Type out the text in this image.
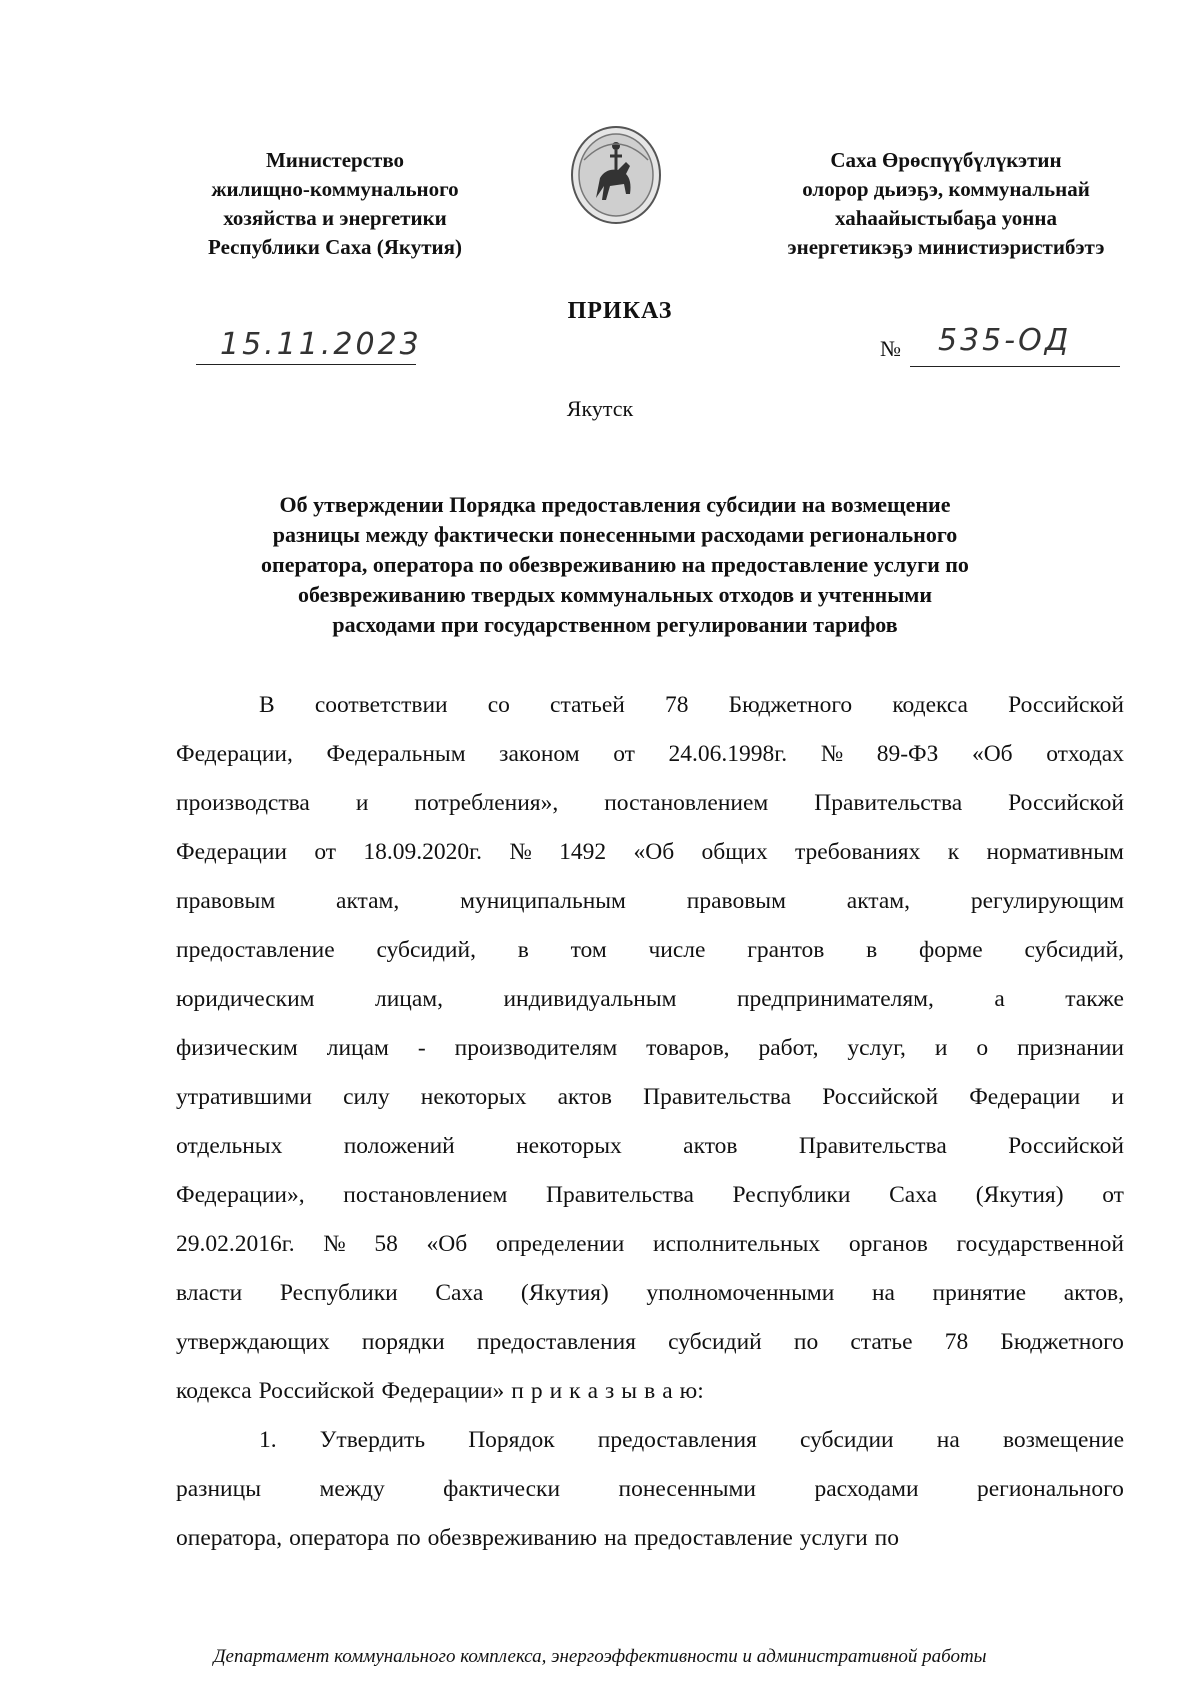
Министерство
жилищно-коммунального
хозяйства и энергетики
Республики Саха (Якутия)
Саха Өрөспүүбүлүкэтин
олорор дьиэҕэ, коммунальнай
хаһаайыстыбаҕа уонна
энергетикэҕэ министиэристибэтэ
ПРИКАЗ
15.11.2023	№ 535-ОД
Якутск
Об утверждении Порядка предоставления субсидии на возмещение
разницы между фактически понесенными расходами регионального
оператора, оператора по обезвреживанию на предоставление услуги по
обезвреживанию твердых коммунальных отходов и учтенными
расходами при государственном регулировании тарифов
В соответствии со статьей 78 Бюджетного кодекса Российской
Федерации, Федеральным законом от 24.06.1998г. № 89-ФЗ «Об отходах
производства и потребления», постановлением Правительства Российской
Федерации от 18.09.2020г. № 1492 «Об общих требованиях к нормативным
правовым	актам,	муниципальным	правовым	актам,	регулирующим
предоставление субсидий, в том числе грантов в форме субсидий,
юридическим	лицам,	индивидуальным	предпринимателям,	а	также
физическим лицам - производителям товаров, работ, услуг, и о признании
утратившими силу некоторых актов Правительства Российской Федерации и
отдельных	положений	некоторых	актов	Правительства	Российской
Федерации», постановлением Правительства Республики Саха (Якутия) от
29.02.2016г. № 58 «Об определении исполнительных органов государственной
власти Республики Саха (Якутия) уполномоченными на принятие актов,
утверждающих порядки предоставления субсидий по статье 78 Бюджетного
кодекса Российской Федерации» п р и к а з ы в а ю:
1. Утвердить Порядок предоставления субсидии на возмещение
разницы между фактически понесенными расходами регионального
оператора, оператора по обезвреживанию на предоставление услуги по
Департамент коммунального комплекса, энергоэффективности и административной работы
